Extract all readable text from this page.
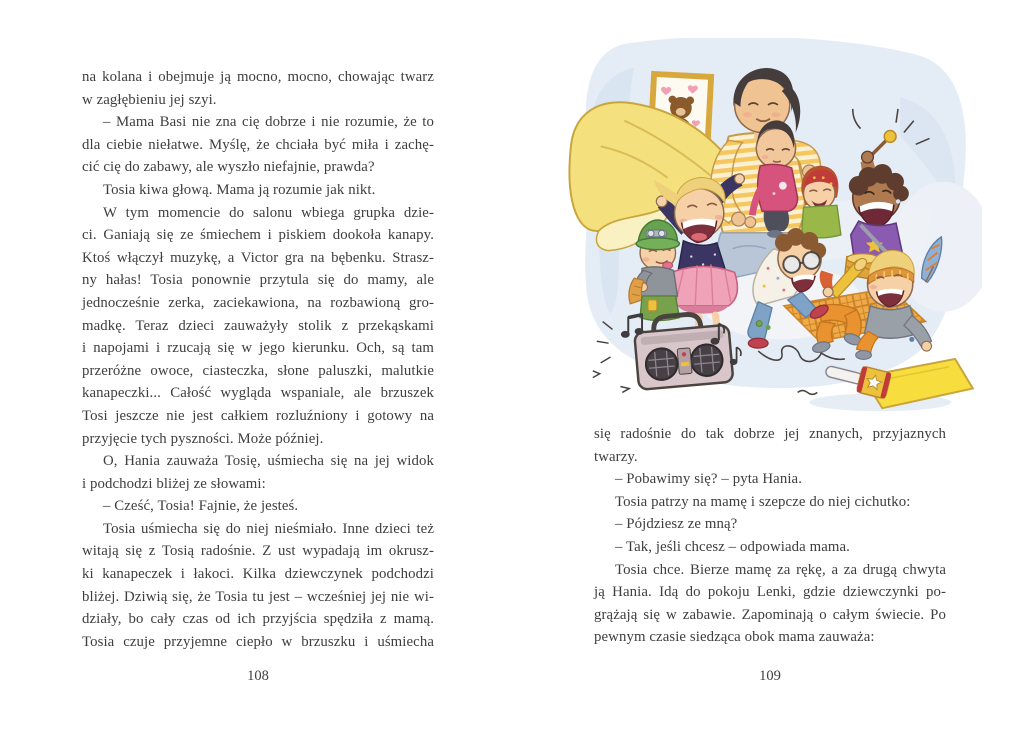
na kolana i obejmuje ją mocno, mocno, chowając twarz
w zagłębieniu jej szyi.
– Mama Basi nie zna cię dobrze i nie rozumie, że to
dla ciebie niełatwe. Myślę, że chciała być miła i zachę-
cić cię do zabawy, ale wyszło niefajnie, prawda?
Tosia kiwa głową. Mama ją rozumie jak nikt.
W tym momencie do salonu wbiega grupka dzie-
ci. Ganiają się ze śmiechem i piskiem dookoła kanapy.
Ktoś włączył muzykę, a Victor gra na bębenku. Strasz-
ny hałas! Tosia ponownie przytula się do mamy, ale
jednocześnie zerka, zaciekawiona, na rozbawioną gro-
madkę. Teraz dzieci zauważyły stolik z przekąskami
i napojami i rzucają się w jego kierunku. Och, są tam
przeróżne owoce, ciasteczka, słone paluszki, malutkie
kanapeczki... Całość wygląda wspaniale, ale brzuszek
Tosi jeszcze nie jest całkiem rozluźniony i gotowy na
przyjęcie tych pyszności. Może później.
O, Hania zauważa Tosię, uśmiecha się na jej widok
i podchodzi bliżej ze słowami:
– Cześć, Tosia! Fajnie, że jesteś.
Tosia uśmiecha się do niej nieśmiało. Inne dzieci też
witają się z Tosią radośnie. Z ust wypadają im okrusz-
ki kanapeczek i łakoci. Kilka dziewczynek podchodzi
bliżej. Dziwią się, że Tosia tu jest – wcześniej jej nie wi-
działy, bo cały czas od ich przyjścia spędziła z mamą.
Tosia czuje przyjemne ciepło w brzuszku i uśmiecha
108
się radośnie do tak dobrze jej znanych, przyjaznych
twarzy.
– Pobawimy się? – pyta Hania.
Tosia patrzy na mamę i szepcze do niej cichutko:
– Pójdziesz ze mną?
– Tak, jeśli chcesz – odpowiada mama.
Tosia chce. Bierze mamę za rękę, a za drugą chwyta
ją Hania. Idą do pokoju Lenki, gdzie dziewczynki po-
grążają się w zabawie. Zapominają o całym świecie. Po
pewnym czasie siedząca obok mama zauważa:
109
